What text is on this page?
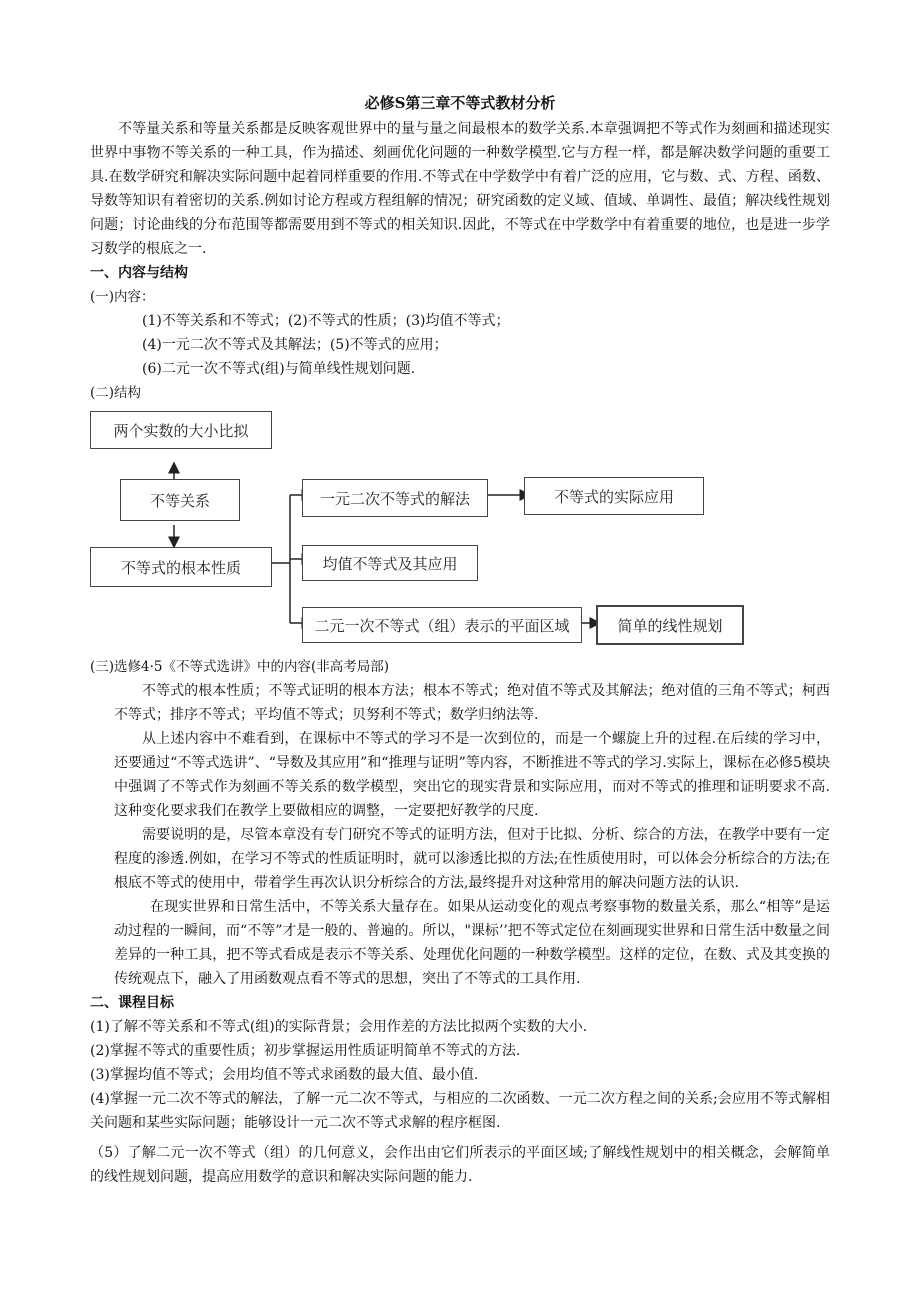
必修S第三章不等式教材分析

不等量关系和等量关系都是反映客观世界中的量与量之间最根本的数学关系.本章强调把不等式作为刻画和描述现实世界中事物不等关系的一种工具，作为描述、刻画优化问题的一种数学模型.它与方程一样，都是解决数学问题的重要工具.在数学研究和解决实际问题中起着同样重要的作用.不等式在中学数学中有着广泛的应用，它与数、式、方程、函数、导数等知识有着密切的关系.例如讨论方程或方程组解的情况；研究函数的定义域、值域、单调性、最值；解决线性规划问题；讨论曲线的分布范围等都需要用到不等式的相关知识.因此，不等式在中学数学中有着重要的地位，也是进一步学习数学的根底之一.

一、内容与结构
(一)内容：
(1)不等关系和不等式；(2)不等式的性质；(3)均值不等式；
(4)一元二次不等式及其解法；(5)不等式的应用；
(6)二元一次不等式(组)与简单线性规划问题.
(二)结构
两个实数的大小比拟
不等关系
不等式的根本性质
一元二次不等式的解法	不等式的实际应用
均值不等式及其应用
二元一次不等式（组）表示的平面区域	简单的线性规划
(三)选修4·5《不等式选讲》中的内容(非高考局部)

不等式的根本性质；不等式证明的根本方法；根本不等式；绝对值不等式及其解法；绝对值的三角不等式；柯西不等式；排序不等式；平均值不等式；贝努利不等式；数学归纳法等.

从上述内容中不难看到，在课标中不等式的学习不是一次到位的，而是一个螺旋上升的过程.在后续的学习中，还要通过“不等式选讲”、“导数及其应用”和“推理与证明”等内容，不断推进不等式的学习.实际上，课标在必修5模块中强调了不等式作为刻画不等关系的数学模型，突出它的现实背景和实际应用，而对不等式的推理和证明要求不高.这种变化要求我们在教学上要做相应的调整，一定要把好教学的尺度.

需要说明的是，尽管本章没有专门研究不等式的证明方法，但对于比拟、分析、综合的方法，在教学中要有一定程度的渗透.例如，在学习不等式的性质证明时，就可以渗透比拟的方法;在性质使用时，可以体会分析综合的方法;在根底不等式的使用中，带着学生再次认识分析综合的方法,最终提升对这种常用的解决问题方法的认识.

在现实世界和日常生活中，不等关系大量存在。如果从运动变化的观点考察事物的数量关系，那么“相等”是运动过程的一瞬间，而“不等”才是一般的、普遍的。所以，"课标’’把不等式定位在刻画现实世界和日常生活中数量之间差异的一种工具，把不等式看成是表示不等关系、处理优化问题的一种数学模型。这样的定位，在数、式及其变换的传统观点下，融入了用函数观点看不等式的思想，突出了不等式的工具作用.

二、课程目标
(1)了解不等关系和不等式(组)的实际背景；会用作差的方法比拟两个实数的大小.
(2)掌握不等式的重要性质；初步掌握运用性质证明简单不等式的方法.
(3)掌握均值不等式；会用均值不等式求函数的最大值、最小值.

(4)掌握一元二次不等式的解法，了解一元二次不等式，与相应的二次函数、一元二次方程之间的关系;会应用不等式解相关问题和某些实际问题；能够设计一元二次不等式求解的程序框图.

（5）了解二元一次不等式（组）的几何意义，会作出由它们所表示的平面区域;了解线性规划中的相关概念，会解简单的线性规划问题，提高应用数学的意识和解决实际问题的能力.
